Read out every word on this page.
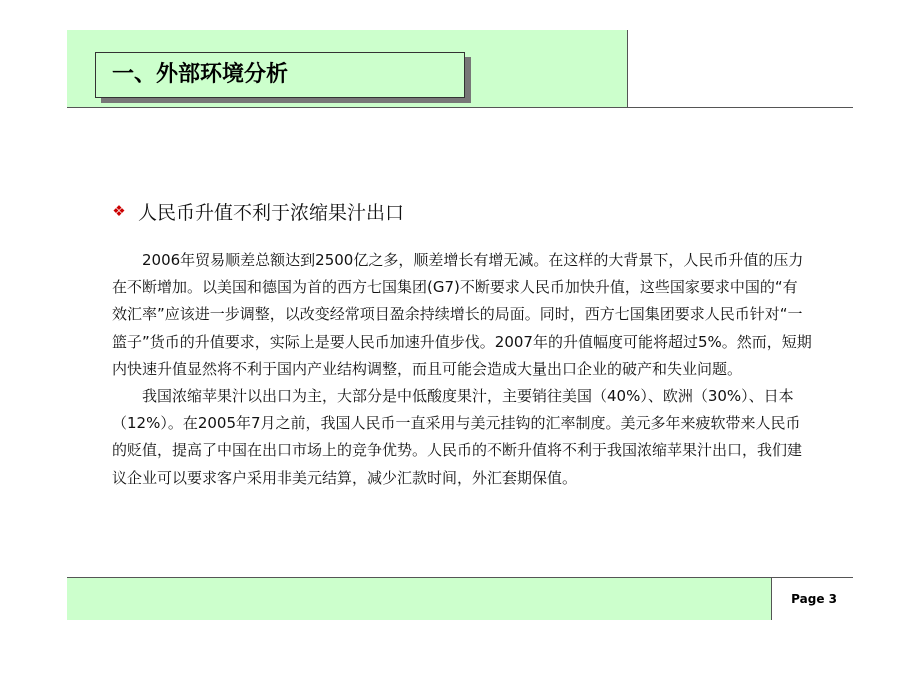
一、外部环境分析
❖ 人民币升值不利于浓缩果汁出口

2006年贸易顺差总额达到2500亿之多，顺差增长有增无减。在这样的大背景下，人民币升值的压力在不断增加。以美国和德国为首的西方七国集团(G7)不断要求人民币加快升值，这些国家要求中国的“有效汇率”应该进一步调整，以改变经常项目盈余持续增长的局面。同时，西方七国集团要求人民币针对“一篮子”货币的升值要求，实际上是要人民币加速升值步伐。2007年的升值幅度可能将超过5%。然而，短期内快速升值显然将不利于国内产业结构调整，而且可能会造成大量出口企业的破产和失业问题。

我国浓缩苹果汁以出口为主，大部分是中低酸度果汁，主要销往美国（40%）、欧洲（30%）、日本（12%）。在2005年7月之前，我国人民币一直采用与美元挂钩的汇率制度。美元多年来疲软带来人民币的贬值，提高了中国在出口市场上的竞争优势。人民币的不断升值将不利于我国浓缩苹果汁出口，我们建议企业可以要求客户采用非美元结算，减少汇款时间，外汇套期保值。

Page 3
